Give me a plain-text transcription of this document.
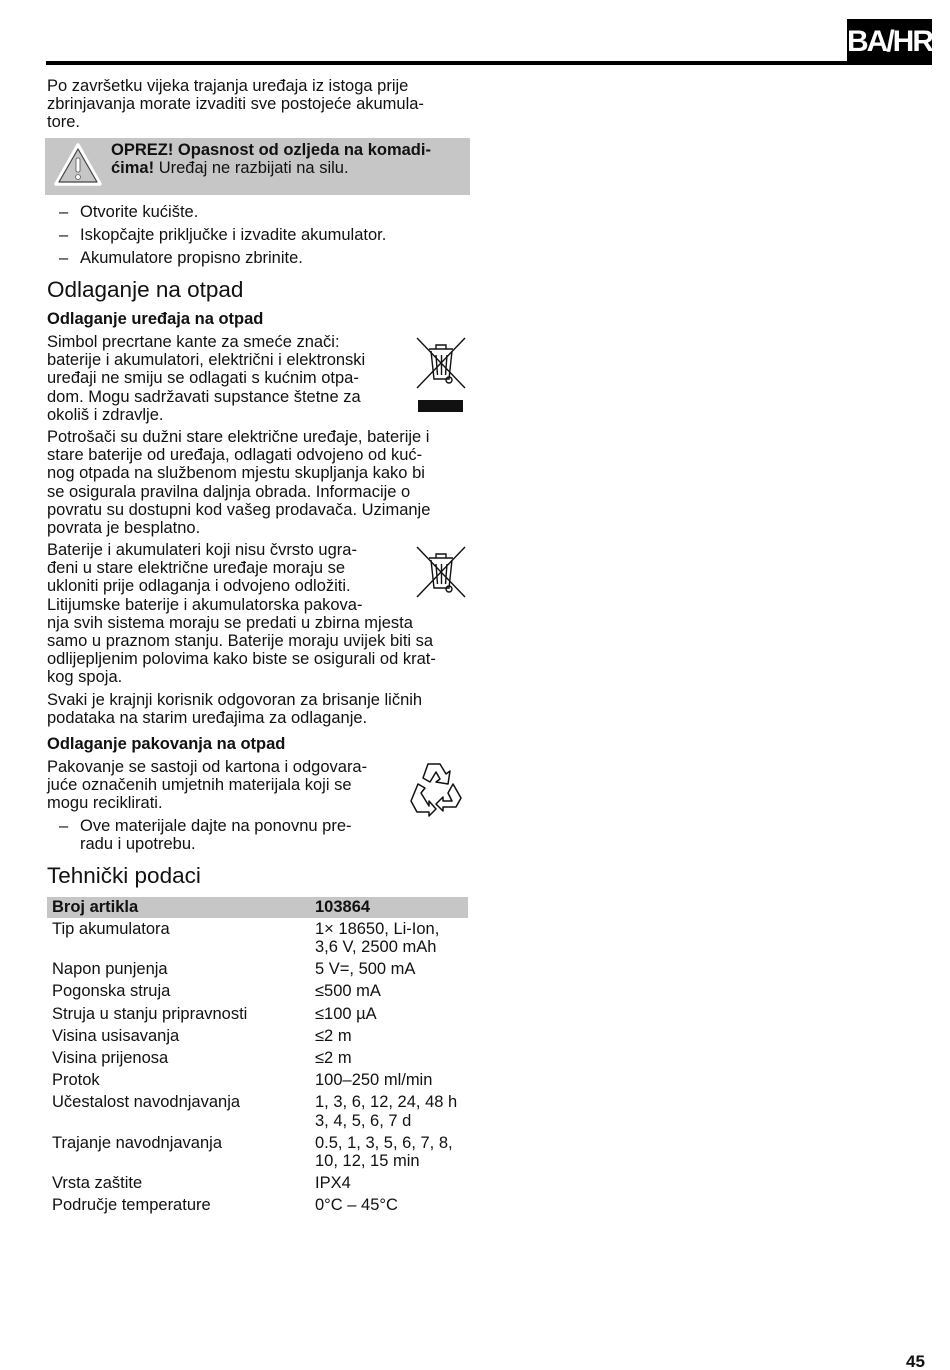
BA/HR
Po završetku vijeka trajanja uređaja iz istoga prije
zbrinjavanja morate izvaditi sve postojeće akumula-
tore.
OPREZ! Opasnost od ozljeda na komadi-
ćima! Uređaj ne razbijati na silu.
– Otvorite kućište.
– Iskopčajte priključke i izvadite akumulator.
– Akumulatore propisno zbrinite.
Odlaganje na otpad
Odlaganje uređaja na otpad
Simbol precrtane kante za smeće znači:
baterije i akumulatori, električni i elektronski
uređaji ne smiju se odlagati s kućnim otpa-
dom. Mogu sadržavati supstance štetne za
okoliš i zdravlje.
Potrošači su dužni stare električne uređaje, baterije i
stare baterije od uređaja, odlagati odvojeno od kuć-
nog otpada na službenom mjestu skupljanja kako bi
se osigurala pravilna daljnja obrada. Informacije o
povratu su dostupni kod vašeg prodavača. Uzimanje
povrata je besplatno.
Baterije i akumulateri koji nisu čvrsto ugra-
đeni u stare električne uređaje moraju se
ukloniti prije odlaganja i odvojeno odložiti.
Litijumske baterije i akumulatorska pakova-
nja svih sistema moraju se predati u zbirna mjesta
samo u praznom stanju. Baterije moraju uvijek biti sa
odlijepljenim polovima kako biste se osigurali od krat-
kog spoja.
Svaki je krajnji korisnik odgovoran za brisanje ličnih
podataka na starim uređajima za odlaganje.
Odlaganje pakovanja na otpad
Pakovanje se sastoji od kartona i odgovara-
juće označenih umjetnih materijala koji se
mogu reciklirati.
– Ove materijale dajte na ponovnu pre-
radu i upotrebu.
Tehnički podaci
Broj artikla	103864

Tip akumulatora	1× 18650, Li-Ion,
3,6 V, 2500 mAh

Napon punjenja	5 V=, 500 mA

Pogonska struja	≤500 mA

Struja u stanju pripravnosti	≤100 µA

Visina usisavanja	≤2 m

Visina prijenosa	≤2 m

Protok	100–250 ml/min

Učestalost navodnjavanja	1, 3, 6, 12, 24, 48 h
3, 4, 5, 6, 7 d

Trajanje navodnjavanja	0.5, 1, 3, 5, 6, 7, 8,
10, 12, 15 min

Vrsta zaštite	IPX4

Područje temperature	0°C – 45°C
45
